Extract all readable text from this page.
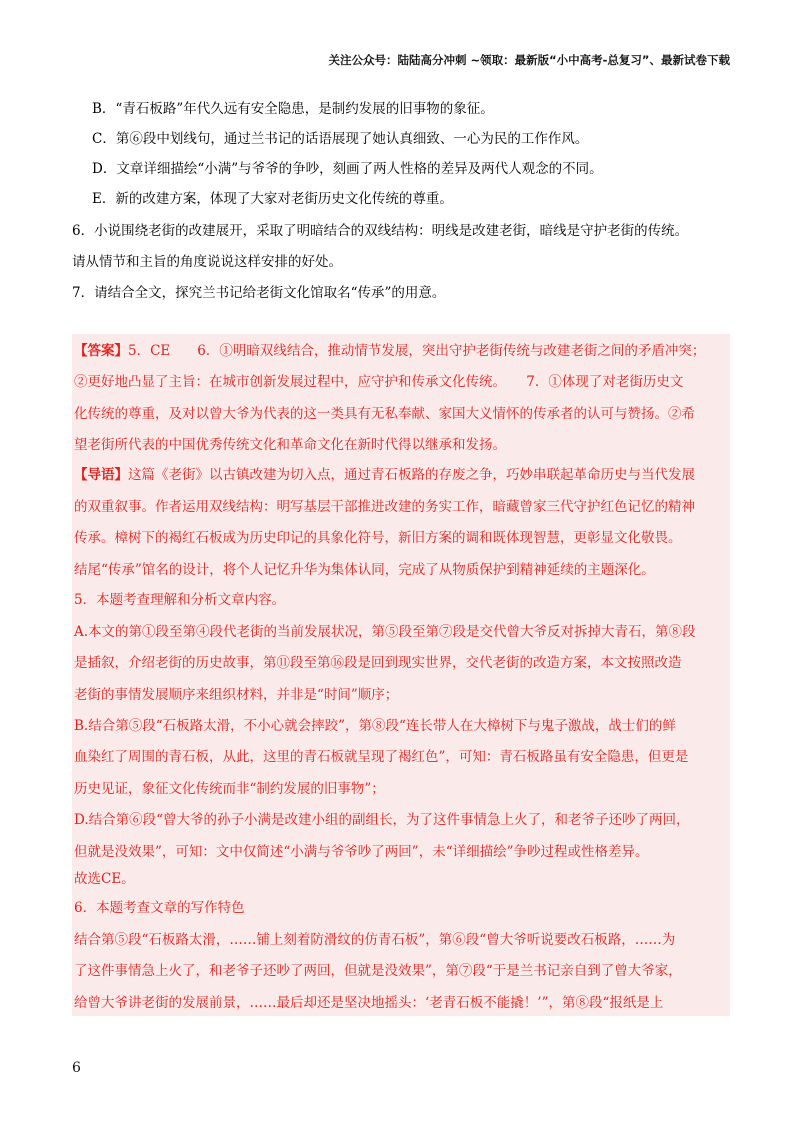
关注公众号：陆陆高分冲刺 ~领取：最新版“小中高考-总复习”、最新试卷下载
B．“青石板路”年代久远有安全隐患，是制约发展的旧事物的象征。
C．第⑥段中划线句，通过兰书记的话语展现了她认真细致、一心为民的工作作风。
D．文章详细描绘“小满”与爷爷的争吵，刻画了两人性格的差异及两代人观念的不同。
E．新的改建方案，体现了大家对老街历史文化传统的尊重。
6．小说围绕老街的改建展开，采取了明暗结合的双线结构：明线是改建老街，暗线是守护老街的传统。
请从情节和主旨的角度说说这样安排的好处。
7．请结合全文，探究兰书记给老街文化馆取名“传承”的用意。
【答案】5．CE　　6．①明暗双线结合，推动情节发展，突出守护老街传统与改建老街之间的矛盾冲突；
②更好地凸显了主旨：在城市创新发展过程中，应守护和传承文化传统。　　7．①体现了对老街历史文
化传统的尊重，及对以曾大爷为代表的这一类具有无私奉献、家国大义情怀的传承者的认可与赞扬。②希
望老街所代表的中国优秀传统文化和革命文化在新时代得以继承和发扬。
【导语】这篇《老街》以古镇改建为切入点，通过青石板路的存废之争，巧妙串联起革命历史与当代发展
的双重叙事。作者运用双线结构：明写基层干部推进改建的务实工作，暗藏曾家三代守护红色记忆的精神
传承。樟树下的褐红石板成为历史印记的具象化符号，新旧方案的调和既体现智慧，更彰显文化敬畏。
结尾“传承”馆名的设计，将个人记忆升华为集体认同，完成了从物质保护到精神延续的主题深化。
5．本题考查理解和分析文章内容。
A.本文的第①段至第④段代老街的当前发展状况，第⑤段至第⑦段是交代曾大爷反对拆掉大青石，第⑧段
是插叙，介绍老街的历史故事，第⑪段至第⑯段是回到现实世界，交代老街的改造方案，本文按照改造
老街的事情发展顺序来组织材料，并非是“时间”顺序；
B.结合第⑤段“石板路太滑，不小心就会摔跤”，第⑧段“连长带人在大樟树下与鬼子激战，战士们的鲜
血染红了周围的青石板，从此，这里的青石板就呈现了褐红色”，可知：青石板路虽有安全隐患，但更是
历史见证，象征文化传统而非“制约发展的旧事物”；
D.结合第⑥段“曾大爷的孙子小满是改建小组的副组长，为了这件事情急上火了，和老爷子还吵了两回，
但就是没效果”，可知：文中仅简述“小满与爷爷吵了两回”，未“详细描绘”争吵过程或性格差异。
故选CE。
6．本题考查文章的写作特色
结合第⑤段“石板路太滑，……铺上刻着防滑纹的仿青石板”，第⑥段“曾大爷听说要改石板路，……为
了这件事情急上火了，和老爷子还吵了两回，但就是没效果”，第⑦段“于是兰书记亲自到了曾大爷家，
给曾大爷讲老街的发展前景，……最后却还是坚决地摇头：‘老青石板不能撬！’”，第⑧段“报纸是上
6
